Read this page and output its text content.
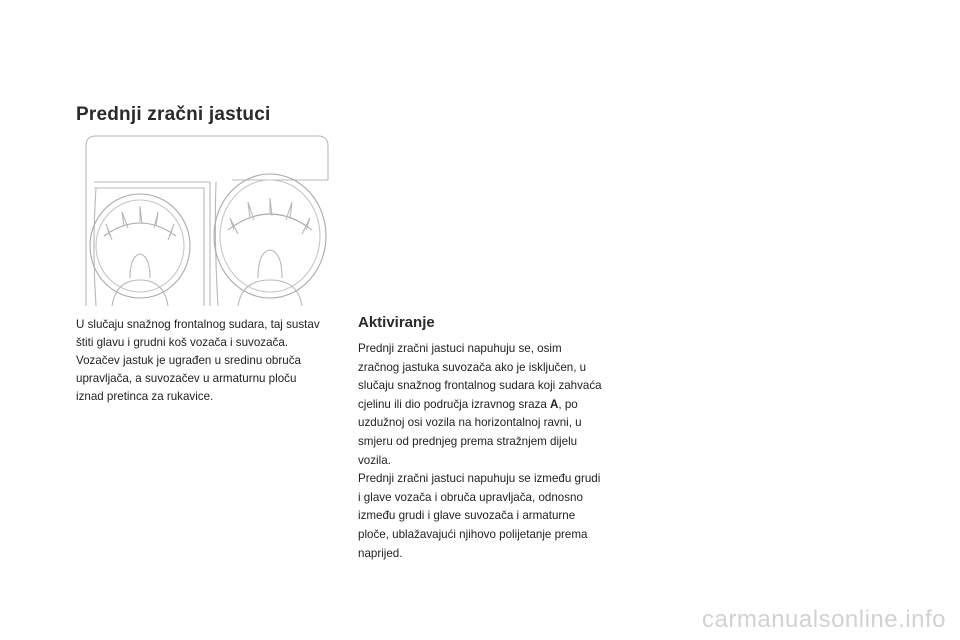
Prednji zračni jastuci

U slučaju snažnog frontalnog sudara, taj sustav

štiti glavu i grudni koš vozača i suvozača.

Vozačev jastuk je ugrađen u sredinu obruča

upravljača, a suvozačev u armaturnu ploču

iznad pretinca za rukavice.

Aktiviranje

Prednji zračni jastuci napuhuju se, osim

zračnog jastuka suvozača ako je isključen, u

slučaju snažnog frontalnog sudara koji zahvaća

cjelinu ili dio područja izravnog sraza A, po

uzdužnoj osi vozila na horizontalnoj ravni, u

smjeru od prednjeg prema stražnjem dijelu

vozila.

Prednji zračni jastuci napuhuju se između grudi

i glave vozača i obruča upravljača, odnosno

između grudi i glave suvozača i armaturne

ploče, ublažavajući njihovo polijetanje prema

naprijed.

carmanualsonline.info
